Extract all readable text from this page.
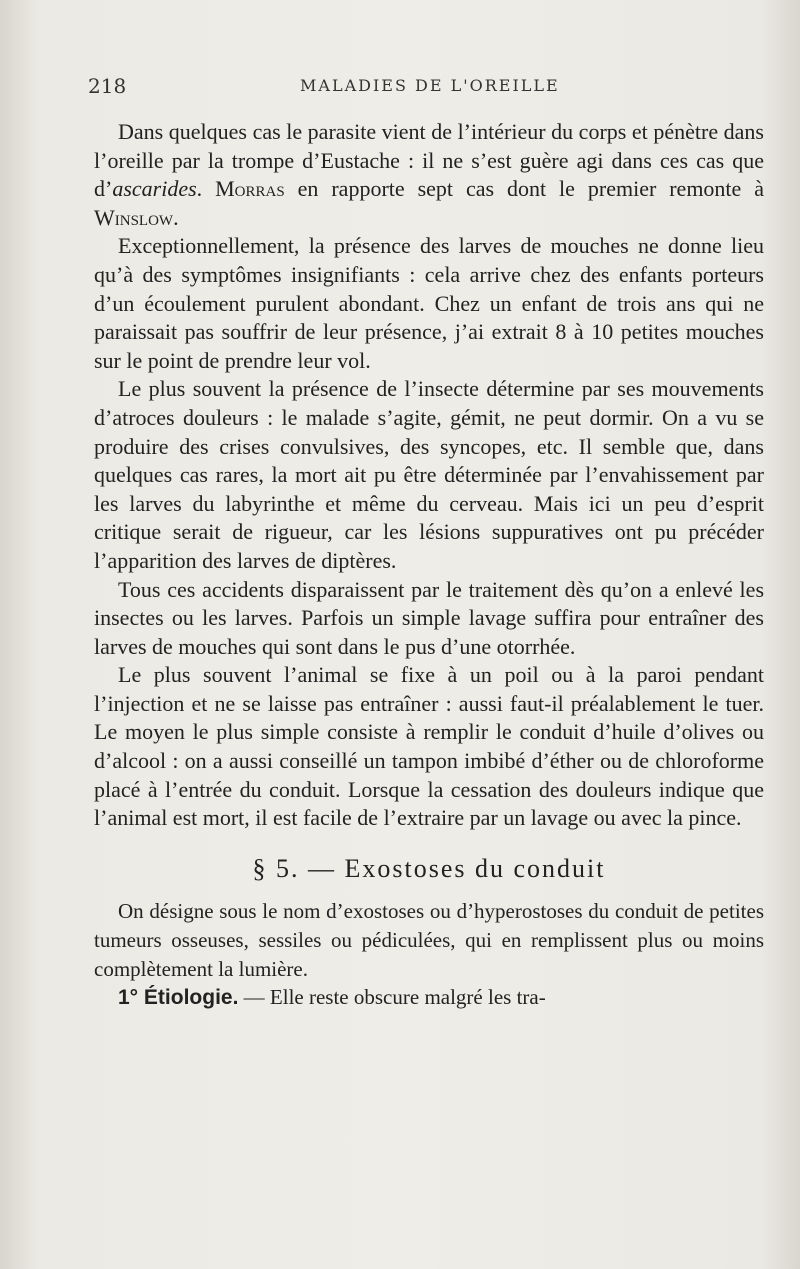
218	MALADIES DE L'OREILLE

Dans quelques cas le parasite vient de l’intérieur du corps et pénètre dans l’oreille par la trompe d’Eustache : il ne s’est guère agi dans ces cas que d’ascarides. Morras en rapporte sept cas dont le premier remonte à Winslow.

Exceptionnellement, la présence des larves de mouches ne donne lieu qu’à des symptômes insignifiants : cela arrive chez des enfants porteurs d’un écoulement purulent abondant. Chez un enfant de trois ans qui ne paraissait pas souffrir de leur présence, j’ai extrait 8 à 10 petites mouches sur le point de prendre leur vol.

Le plus souvent la présence de l’insecte détermine par ses mouvements d’atroces douleurs : le malade s’agite, gémit, ne peut dormir. On a vu se produire des crises convulsives, des syncopes, etc. Il semble que, dans quelques cas rares, la mort ait pu être déterminée par l’envahissement par les larves du labyrinthe et même du cerveau. Mais ici un peu d’esprit critique serait de rigueur, car les lésions suppuratives ont pu précéder l’apparition des larves de diptères.

Tous ces accidents disparaissent par le traitement dès qu’on a enlevé les insectes ou les larves. Parfois un simple lavage suffira pour entraîner des larves de mouches qui sont dans le pus d’une otorrhée.

Le plus souvent l’animal se fixe à un poil ou à la paroi pendant l’injection et ne se laisse pas entraîner : aussi faut-il préalablement le tuer. Le moyen le plus simple consiste à remplir le conduit d’huile d’olives ou d’alcool : on a aussi conseillé un tampon imbibé d’éther ou de chloroforme placé à l’entrée du conduit. Lorsque la cessation des douleurs indique que l’animal est mort, il est facile de l’extraire par un lavage ou avec la pince.

§ 5. — Exostoses du conduit

On désigne sous le nom d’exostoses ou d’hyperostoses du conduit de petites tumeurs osseuses, sessiles ou pédiculées, qui en remplissent plus ou moins complètement la lumière.

1° Étiologie. — Elle reste obscure malgré les tra-
